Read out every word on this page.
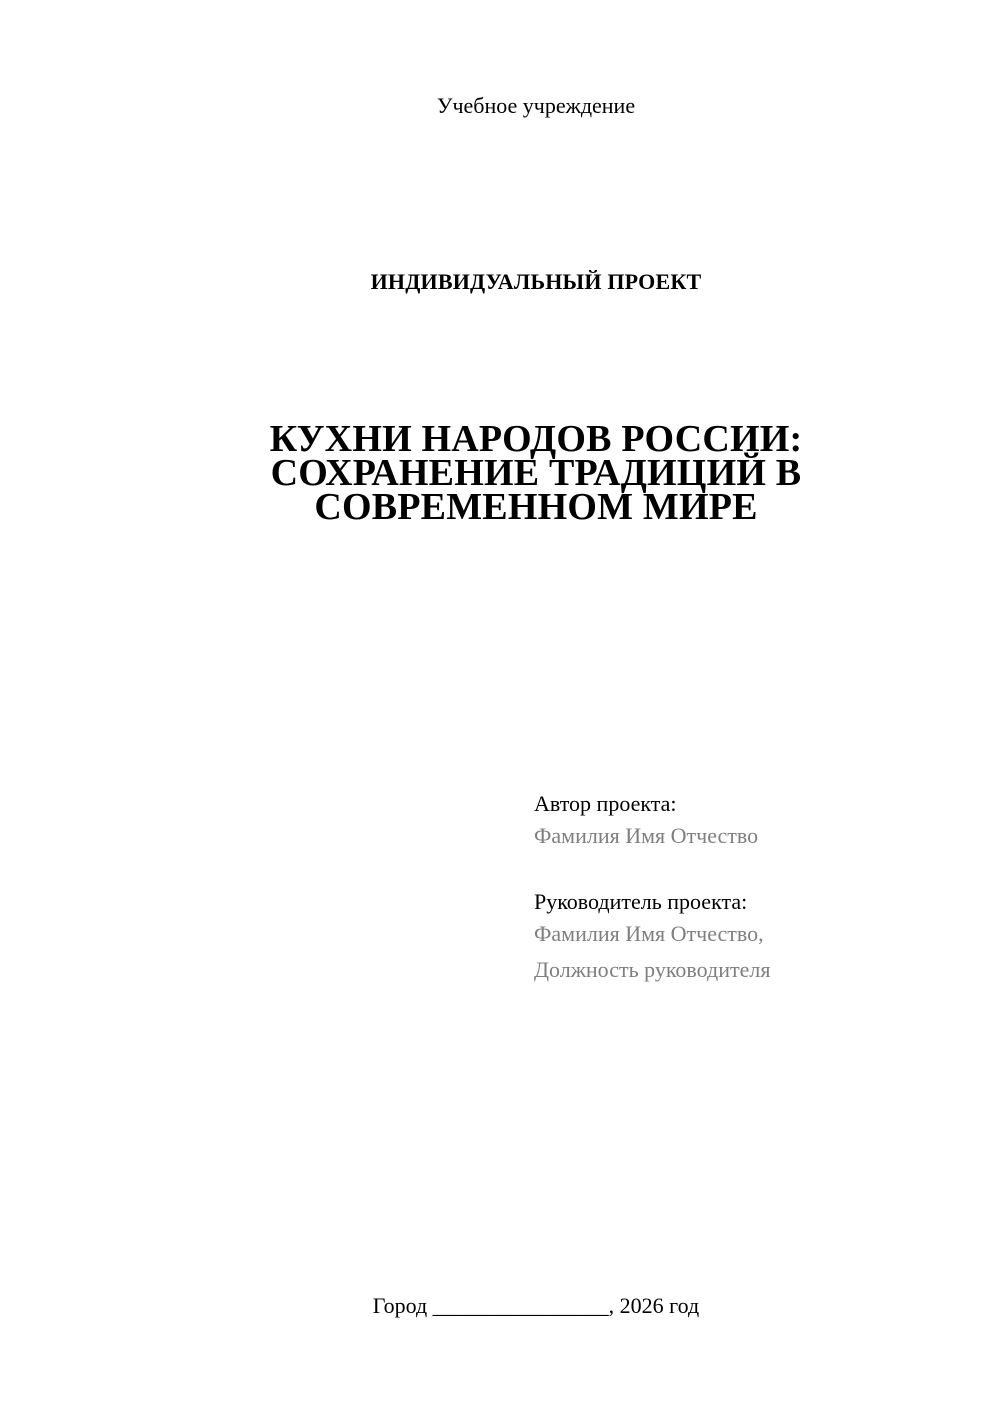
Учебное учреждение
ИНДИВИДУАЛЬНЫЙ ПРОЕКТ
КУХНИ НАРОДОВ РОССИИ:
СОХРАНЕНИЕ ТРАДИЦИЙ В
СОВРЕМЕННОМ МИРЕ

Автор проекта:

Фамилия Имя Отчество

Руководитель проекта:

Фамилия Имя Отчество,

Должность руководителя

Город ________________, 2026 год
